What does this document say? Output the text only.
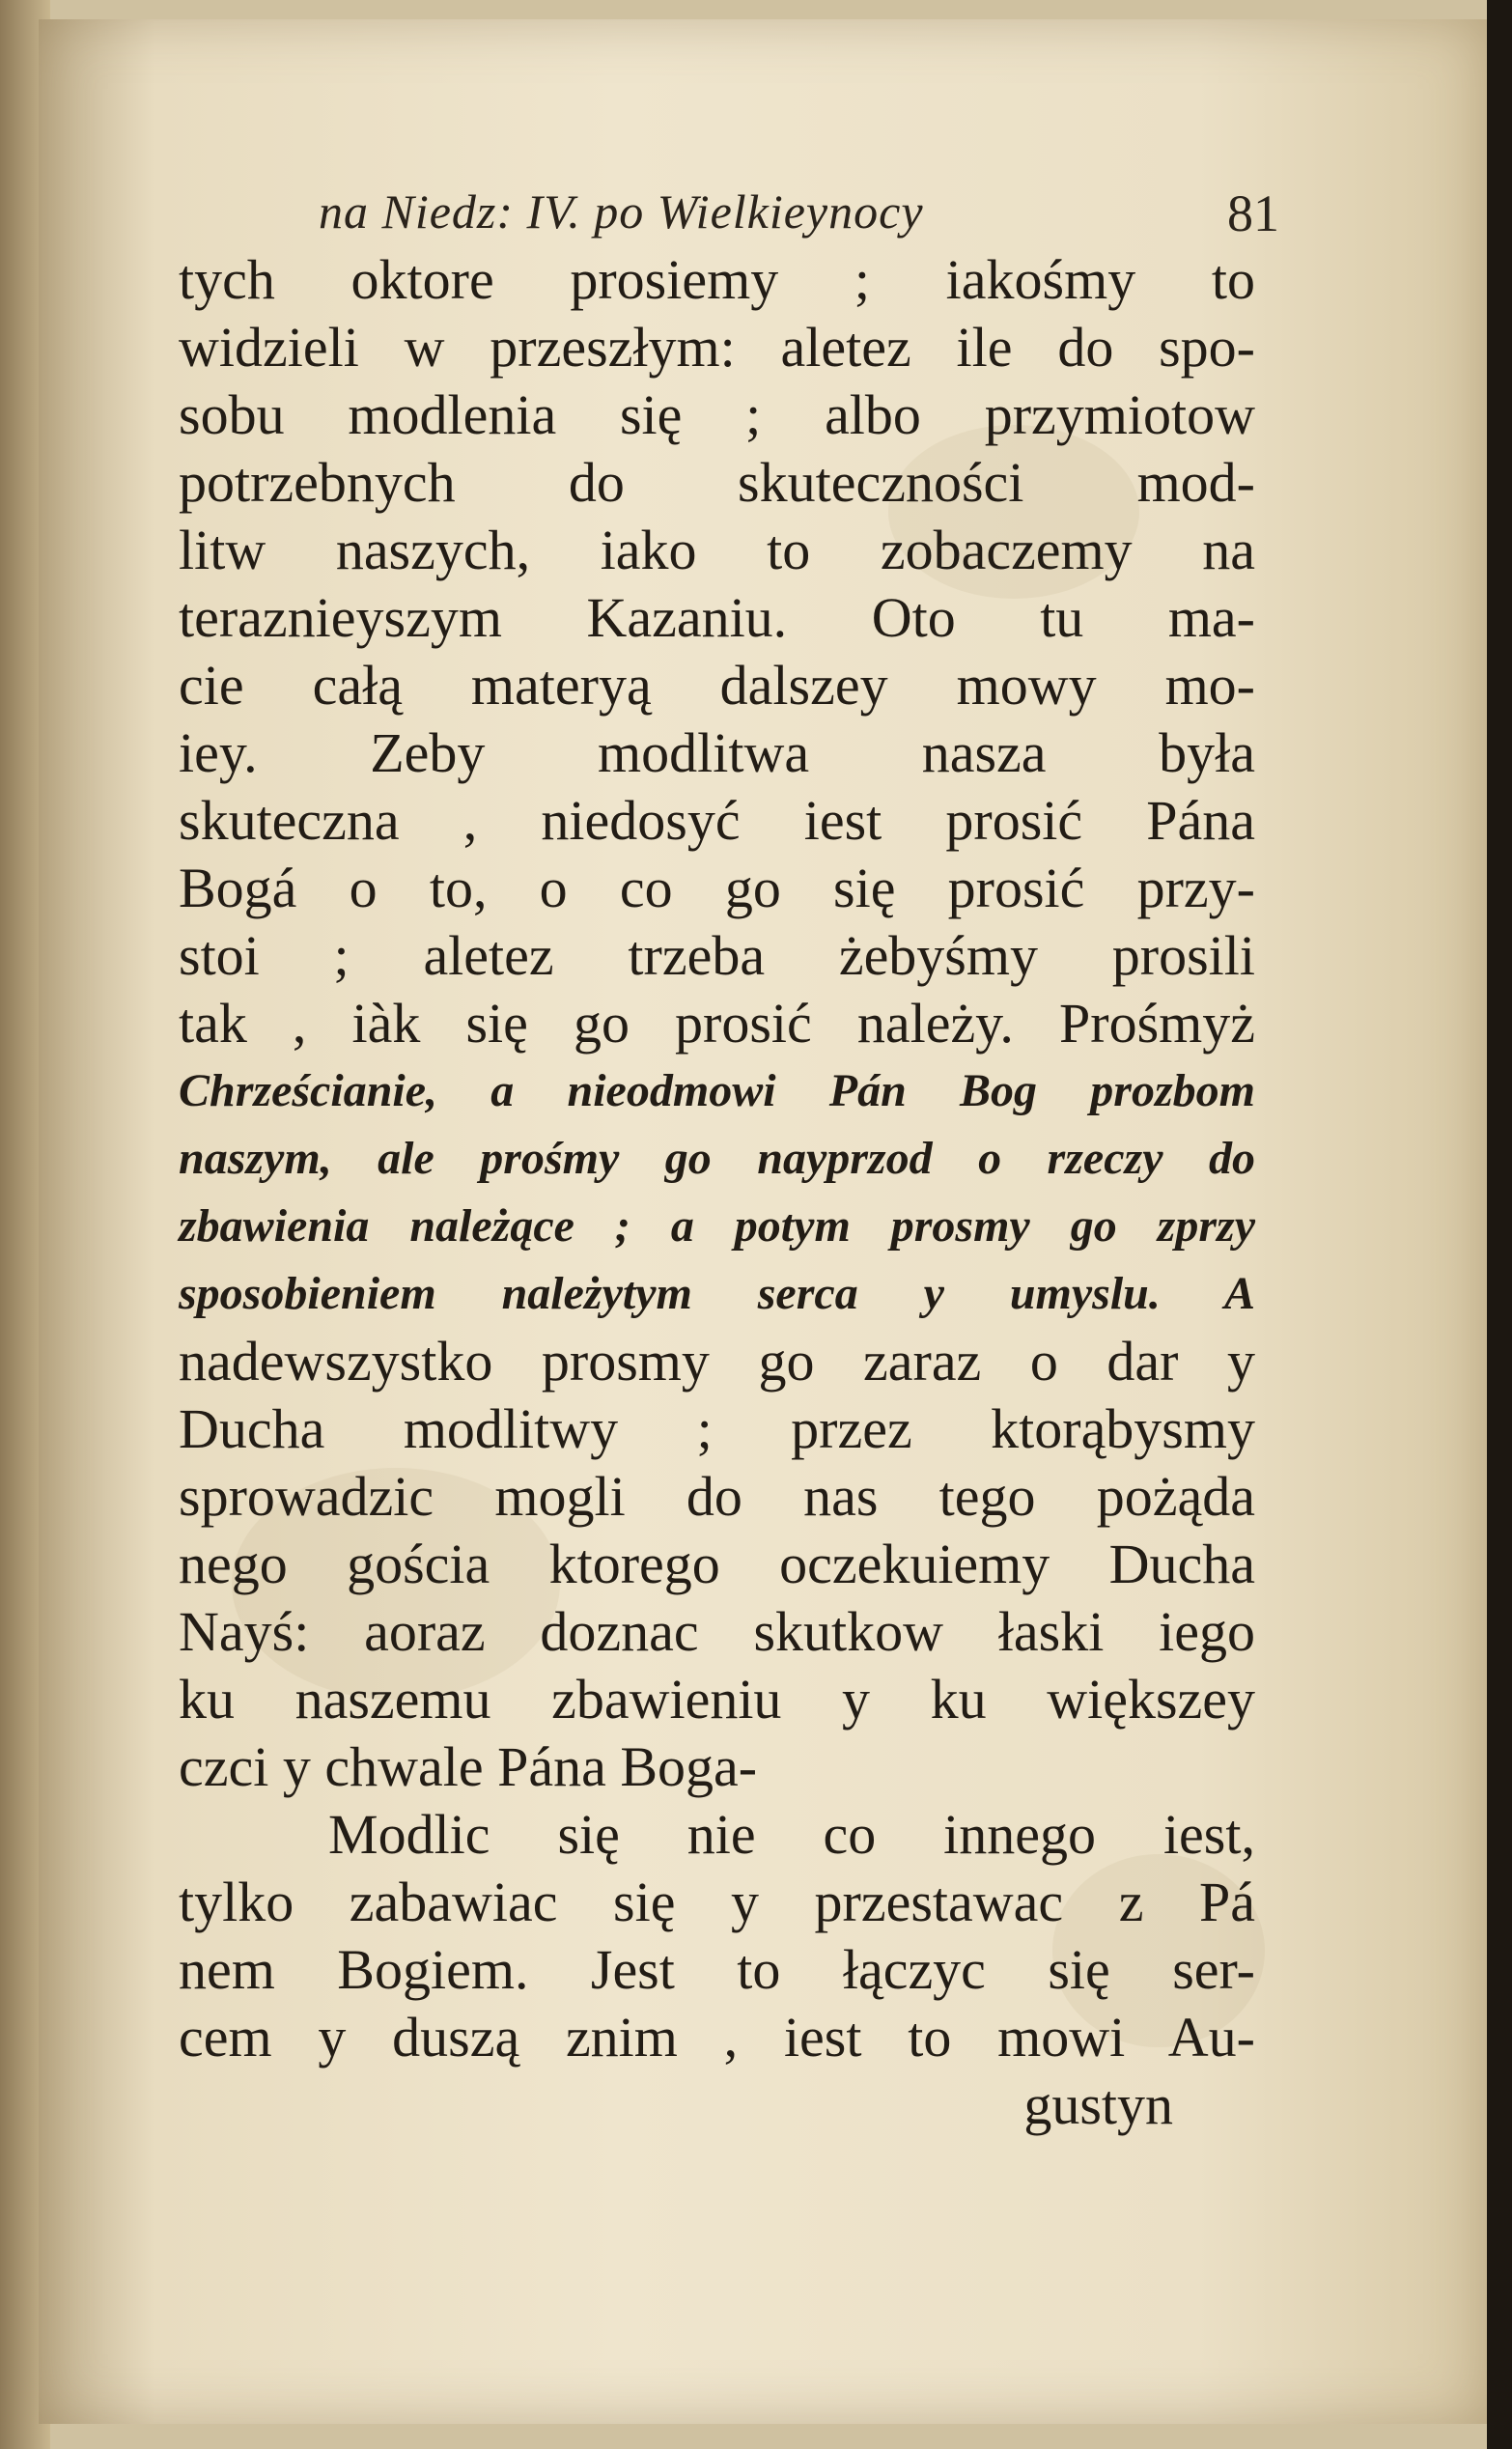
na Niedz: IV. po Wielkieynocy	81
tych oktore prosiemy ; iakośmy to
widzieli w przeszłym: aletez ile do spo-
sobu modlenia się ; albo przymiotow
potrzebnych do skuteczności mod-
litw naszych, iako to zobaczemy na
teraznieyszym Kazaniu. Oto tu ma-
cie całą materyą dalszey mowy mo-
iey. Zeby modlitwa nasza była
skuteczna , niedosyć iest prosić Pána
Bogá o to, o co go się prosić przy-
stoi ; aletez trzeba żebyśmy prosili
tak , iàk się go prosić należy. Prośmyż
Chrześcianie, a nieodmowi Pán Bog prozbom
naszym, ale prośmy go nayprzod o rzeczy do
zbawienia należące ; a potym prosmy go zprzy
sposobieniem należytym serca y umyslu. A
nadewszystko prosmy go zaraz o dar y
Ducha modlitwy ; przez ktorąbysmy
sprowadzic mogli do nas tego pożąda
nego gościa ktorego oczekuiemy Ducha
Nayś: aoraz doznac skutkow łaski iego
ku naszemu zbawieniu y ku większey
czci y chwale Pána Boga-
Modlic się nie co innego iest,
tylko zabawiac się y przestawac z Pá
nem Bogiem. Jest to łączyc się ser-
cem y duszą znim , iest to mowi Au-
gustyn
